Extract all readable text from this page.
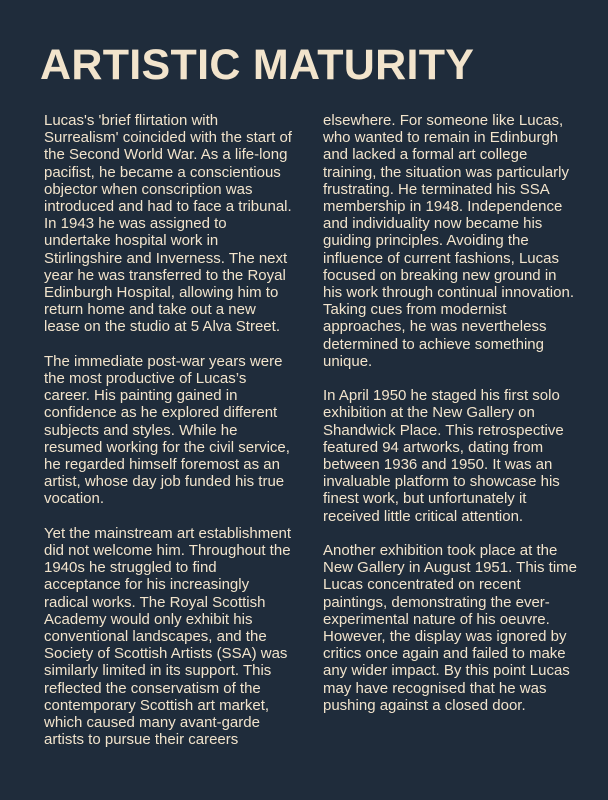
ARTISTIC MATURITY

Lucas's 'brief flirtation with Surrealism' coincided with the start of the Second World War. As a life-long pacifist, he became a conscientious objector when conscription was introduced and had to face a tribunal. In 1943 he was assigned to undertake hospital work in Stirlingshire and Inverness. The next year he was transferred to the Royal Edinburgh Hospital, allowing him to return home and take out a new lease on the studio at 5 Alva Street.

The immediate post-war years were the most productive of Lucas’s career. His painting gained in confidence as he explored different subjects and styles. While he resumed working for the civil service, he regarded himself foremost as an artist, whose day job funded his true vocation.

Yet the mainstream art establishment did not welcome him. Throughout the 1940s he struggled to find acceptance for his increasingly radical works. The Royal Scottish Academy would only exhibit his conventional landscapes, and the Society of Scottish Artists (SSA) was similarly limited in its support. This reflected the conservatism of the contemporary Scottish art market, which caused many avant-garde artists to pursue their careers

elsewhere. For someone like Lucas, who wanted to remain in Edinburgh and lacked a formal art college training, the situation was particularly frustrating. He terminated his SSA membership in 1948. Independence and individuality now became his guiding principles. Avoiding the influence of current fashions, Lucas focused on breaking new ground in his work through continual innovation. Taking cues from modernist approaches, he was nevertheless determined to achieve something unique.

In April 1950 he staged his first solo exhibition at the New Gallery on Shandwick Place. This retrospective featured 94 artworks, dating from between 1936 and 1950. It was an invaluable platform to showcase his finest work, but unfortunately it received little critical attention.

Another exhibition took place at the New Gallery in August 1951. This time Lucas concentrated on recent paintings, demonstrating the ever-experimental nature of his oeuvre. However, the display was ignored by critics once again and failed to make any wider impact. By this point Lucas may have recognised that he was pushing against a closed door.
